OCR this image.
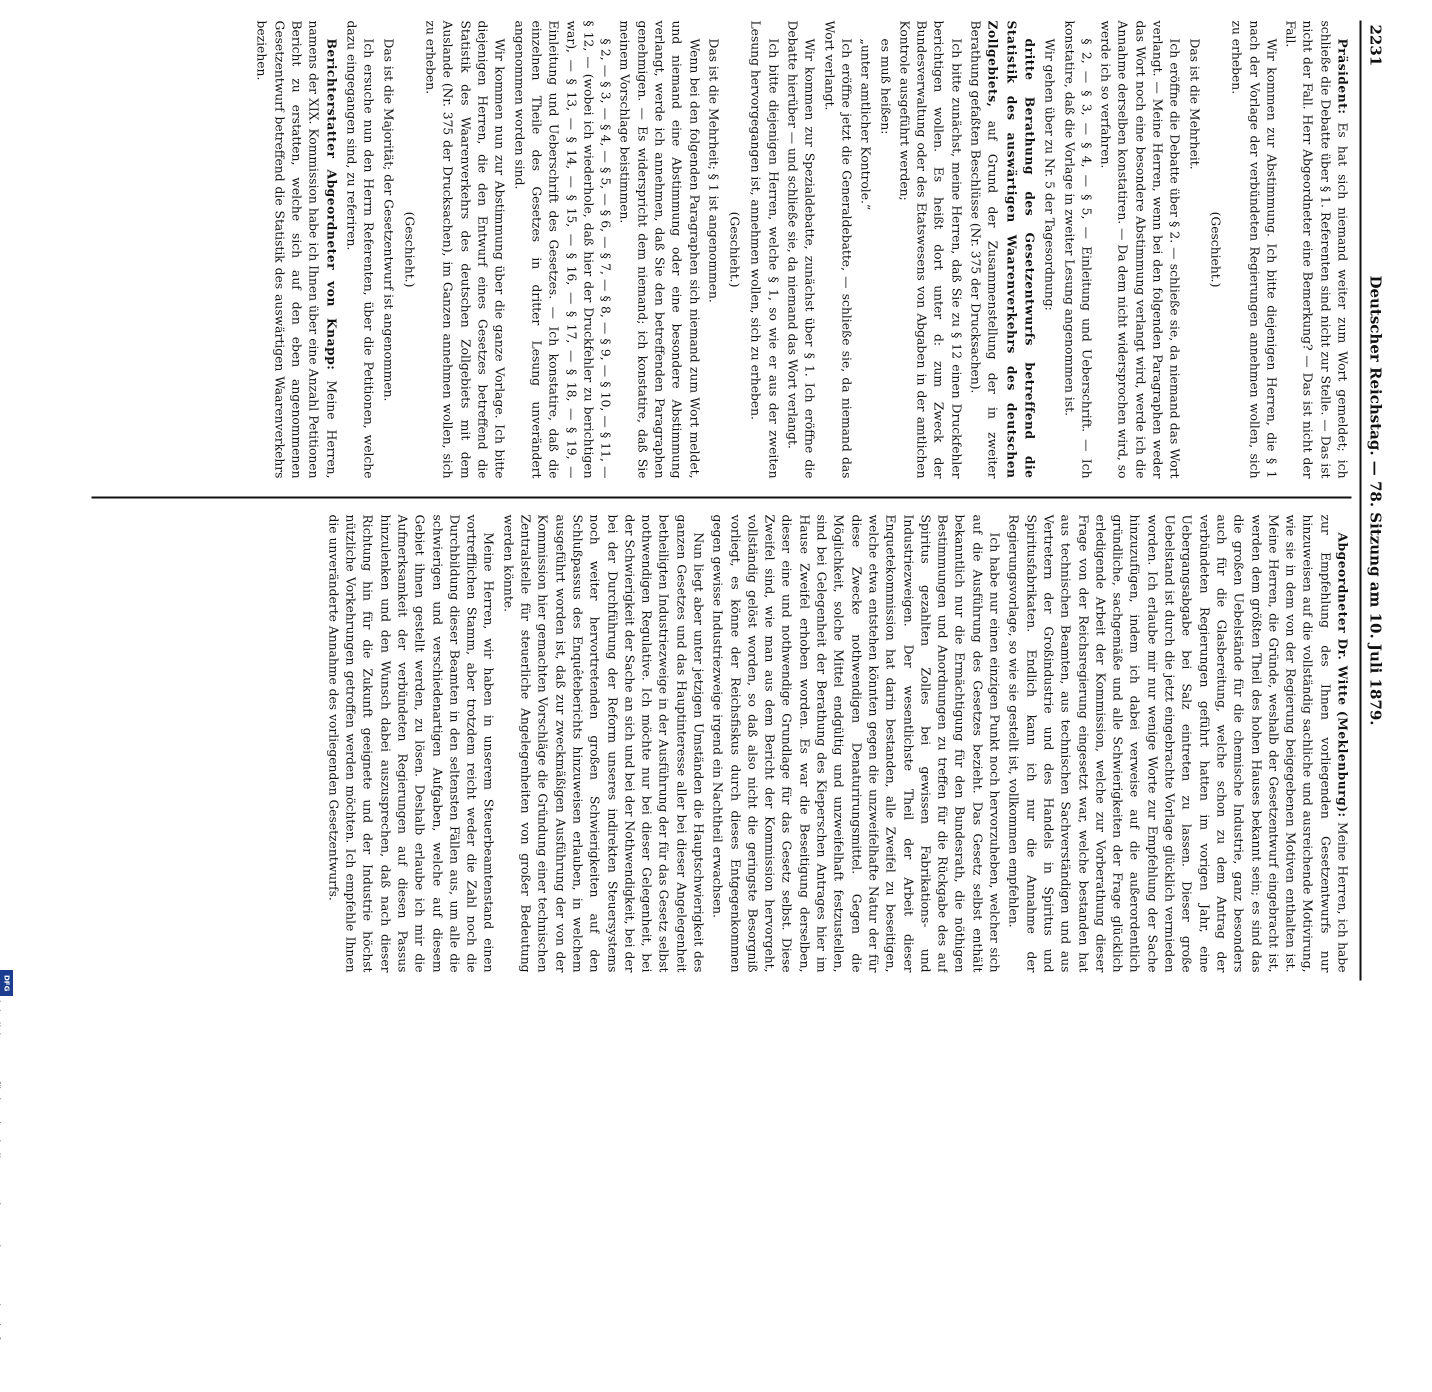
2231
Deutscher Reichstag. — 78. Sitzung am 10. Juli 1879.

Präsident: Es hat sich niemand weiter zum Wort gemeldet; ich schließe die Debatte über § 1. Referenten sind nicht zur Stelle. — Das ist nicht der Fall. Herr Abgeordneter eine Bemerkung? — Das ist nicht der Fall.

Wir kommen zur Abstimmung. Ich bitte diejenigen Herren, die § 1 nach der Vorlage der verbündeten Regierungen annehmen wollen, sich zu erheben.

(Geschieht.)

Das ist die Mehrheit.

Ich eröffne die Debatte über § 2. — schließe sie, da niemand das Wort verlangt. — Meine Herren, wenn bei den folgenden Paragraphen weder das Wort noch eine besondere Abstimmung verlangt wird, werde ich die Annahme derselben konstatiren. — Da dem nicht widersprochen wird, so werde ich so verfahren.

§ 2, — § 3, — § 4, — § 5, — Einleitung und Ueberschrift. — Ich konstatire, daß die Vorlage in zweiter Lesung angenommen ist.

Wir gehen über zu Nr. 5 der Tagesordnung:

dritte Berathung des Gesetzentwurfs betreffend die Statistik des auswärtigen Waarenverkehrs des deutschen Zollgebiets, auf Grund der Zusammenstellung der in zweiter Berathung gefaßten Beschlüsse (Nr. 375 der Drucksachen).

Ich bitte zunächst, meine Herren, daß Sie zu § 12 einen Druckfehler berichtigen wollen. Es heißt dort unter d: zum Zweck der Bundesverwaltung oder des Etatswesens von Abgaben in der amtlichen Kontrole ausgeführt werden;

es muß heißen:

„unter amtlicher Kontrole.“

Ich eröffne jetzt die Generaldebatte, — schließe sie, da niemand das Wort verlangt.

Wir kommen zur Spezialdebatte, zunächst über § 1. Ich eröffne die Debatte hierüber — und schließe sie, da niemand das Wort verlangt.

Ich bitte diejenigen Herren, welche § 1, so wie er aus der zweiten Lesung hervorgegangen ist, annehmen wollen, sich zu erheben.

(Geschieht.)

Das ist die Mehrheit; § 1 ist angenommen.

Wenn bei den folgenden Paragraphen sich niemand zum Wort meldet, und niemand eine Abstimmung oder eine besondere Abstimmung verlangt, werde ich annehmen, daß Sie den betreffenden Paragraphen genehmigen. — Es widerspricht dem niemand; ich konstatire, daß Sie meinem Vorschlage beistimmen.

§ 2, — § 3, — § 4, — § 5, — § 6, — § 7, — § 8, — § 9, — § 10, — § 11, — § 12, — (wobei ich wiederhole, daß hier der Druckfehler zu berichtigen war), — § 13, — § 14, — § 15, — § 16, — § 17, — § 18, — § 19, — Einleitung und Ueberschrift des Gesetzes. — Ich konstatire, daß die einzelnen Theile des Gesetzes in dritter Lesung unverändert angenommen worden sind.

Wir kommen nun zur Abstimmung über die ganze Vorlage. Ich bitte diejenigen Herren, die den Entwurf eines Gesetzes betreffend die Statistik des Waarenverkehrs des deutschen Zollgebiets mit dem Auslande (Nr. 375 der Drucksachen), im Ganzen annehmen wollen, sich zu erheben.

(Geschieht.)

Das ist die Majorität; der Gesetzentwurf ist angenommen.

Ich ersuche nun den Herrn Referenten, über die Petitionen, welche dazu eingegangen sind, zu referiren.

Berichterstatter Abgeordneter von Knapp: Meine Herren, namens der XIX. Kommission habe ich Ihnen über eine Anzahl Petitionen Bericht zu erstatten, welche sich auf den eben angenommenen Gesetzentwurf betreffend die Statistik des auswärtigen Waarenverkehrs beziehen.

Abgeordneter Dr. Witte (Meklenburg): Meine Herren, ich habe zur Empfehlung des Ihnen vorliegenden Gesetzentwurfs nur hinzuweisen auf die vollständig sachliche und ausreichende Motivirung, wie sie in dem von der Regierung beigegebenen Motiven enthalten ist. Meine Herren, die Gründe, weshalb der Gesetzentwurf eingebracht ist, werden dem größten Theil des hohen Hauses bekannt sein; es sind das die großen Uebelstände für die chemische Industrie, ganz besonders auch für die Glasbereitung, welche schon zu dem Antrag der verbündeten Regierungen geführt hatten im vorigen Jahr, eine Uebergangsabgabe bei Salz eintreten zu lassen. Dieser große Uebelstand ist durch die jetzt eingebrachte Vorlage glücklich vermieden worden. Ich erlaube mir nur wenige Worte zur Empfehlung der Sache hinzuzufügen, indem ich dabei verweise auf die außerordentlich gründliche, sachgemäße und alle Schwierigkeiten der Frage glücklich erledigende Arbeit der Kommission, welche zur Vorberathung dieser Frage von der Reichsregierung eingesetzt war, welche bestanden hat aus technischen Beamten, aus technischen Sachverständigen und aus Vertretern der Großindustrie und des Handels in Spiritus und Spiritusfabrikaten. Endlich kann ich nur die Annahme der Regierungsvorlage, so wie sie gestellt ist, vollkommen empfehlen.

Ich habe nur einen einzigen Punkt noch hervorzuheben, welcher sich auf die Ausführung des Gesetzes bezieht. Das Gesetz selbst enthält bekanntlich nur die Ermächtigung für den Bundesrath, die nöthigen Bestimmungen und Anordnungen zu treffen für die Rückgabe des auf Spiritus gezahlten Zolles bei gewissen Fabrikations- und Industriezweigen. Der wesentlichste Theil der Arbeit dieser Enquetekommission hat darin bestanden, alle Zweifel zu beseitigen, welche etwa entstehen könnten gegen die unzweifelhafte Natur der für diese Zwecke nothwendigen Denaturirungsmittel. Gegen die Möglichkeit, solche Mittel endgültig und unzweifelhaft festzustellen, sind bei Gelegenheit der Berathung des Kieperschen Antrages hier im Hause Zweifel erhoben worden. Es war die Beseitigung derselben, dieser eine und nothwendige Grundlage für das Gesetz selbst. Diese Zweifel sind, wie man aus dem Bericht der Kommission hervorgeht, vollständig gelöst worden, so daß also nicht die geringste Besorgniß vorliegt, es könne der Reichsfiskus durch dieses Entgegenkommen gegen gewisse Industriezweige irgend ein Nachtheil erwachsen.

Nun liegt aber unter jetzigen Umständen die Hauptschwierigkeit des ganzen Gesetzes und das Hauptinteresse aller bei dieser Angelegenheit betheiligten Industriezweige in der Ausführung der für das Gesetz selbst nothwendigen Regulative. Ich möchte nur bei dieser Gelegenheit, bei der Schwierigkeit der Sache an sich und bei der Nothwendigkeit, bei der bei der Durchführung der Reform unseres indirekten Steuersystems noch weiter hervortretenden großen Schwierigkeiten auf den Schlußpassus des Enquêteberichts hinzuweisen erlauben, in welchem ausgeführt worden ist, daß zur zweckmäßigen Ausführung der von der Kommission hier gemachten Vorschläge die Gründung einer technischen Zentralstelle für steuerliche Angelegenheiten von großer Bedeutung werden könnte.

Meine Herren, wir haben in unserem Steuerbeamtenstand einen vortrefflichen Stamm, aber trotzdem reicht weder die Zahl noch die Durchbildung dieser Beamten in den seltensten Fällen aus, um alle die schwierigen und verschiedenartigen Aufgaben, welche auf diesem Gebiet ihnen gestellt werden, zu lösen. Deshalb erlaube ich mir die Aufmerksamkeit der verbündeten Regierungen auf diesen Passus hinzulenken und den Wunsch dabei auszusprechen, daß nach dieser Richtung hin für die Zukunft geeignete und der Industrie höchst nützliche Vorkehrungen getroffen werden möchten. Ich empfehle Ihnen die unveränderte Annahme des vorliegenden Gesetzentwurfs.

DFG
